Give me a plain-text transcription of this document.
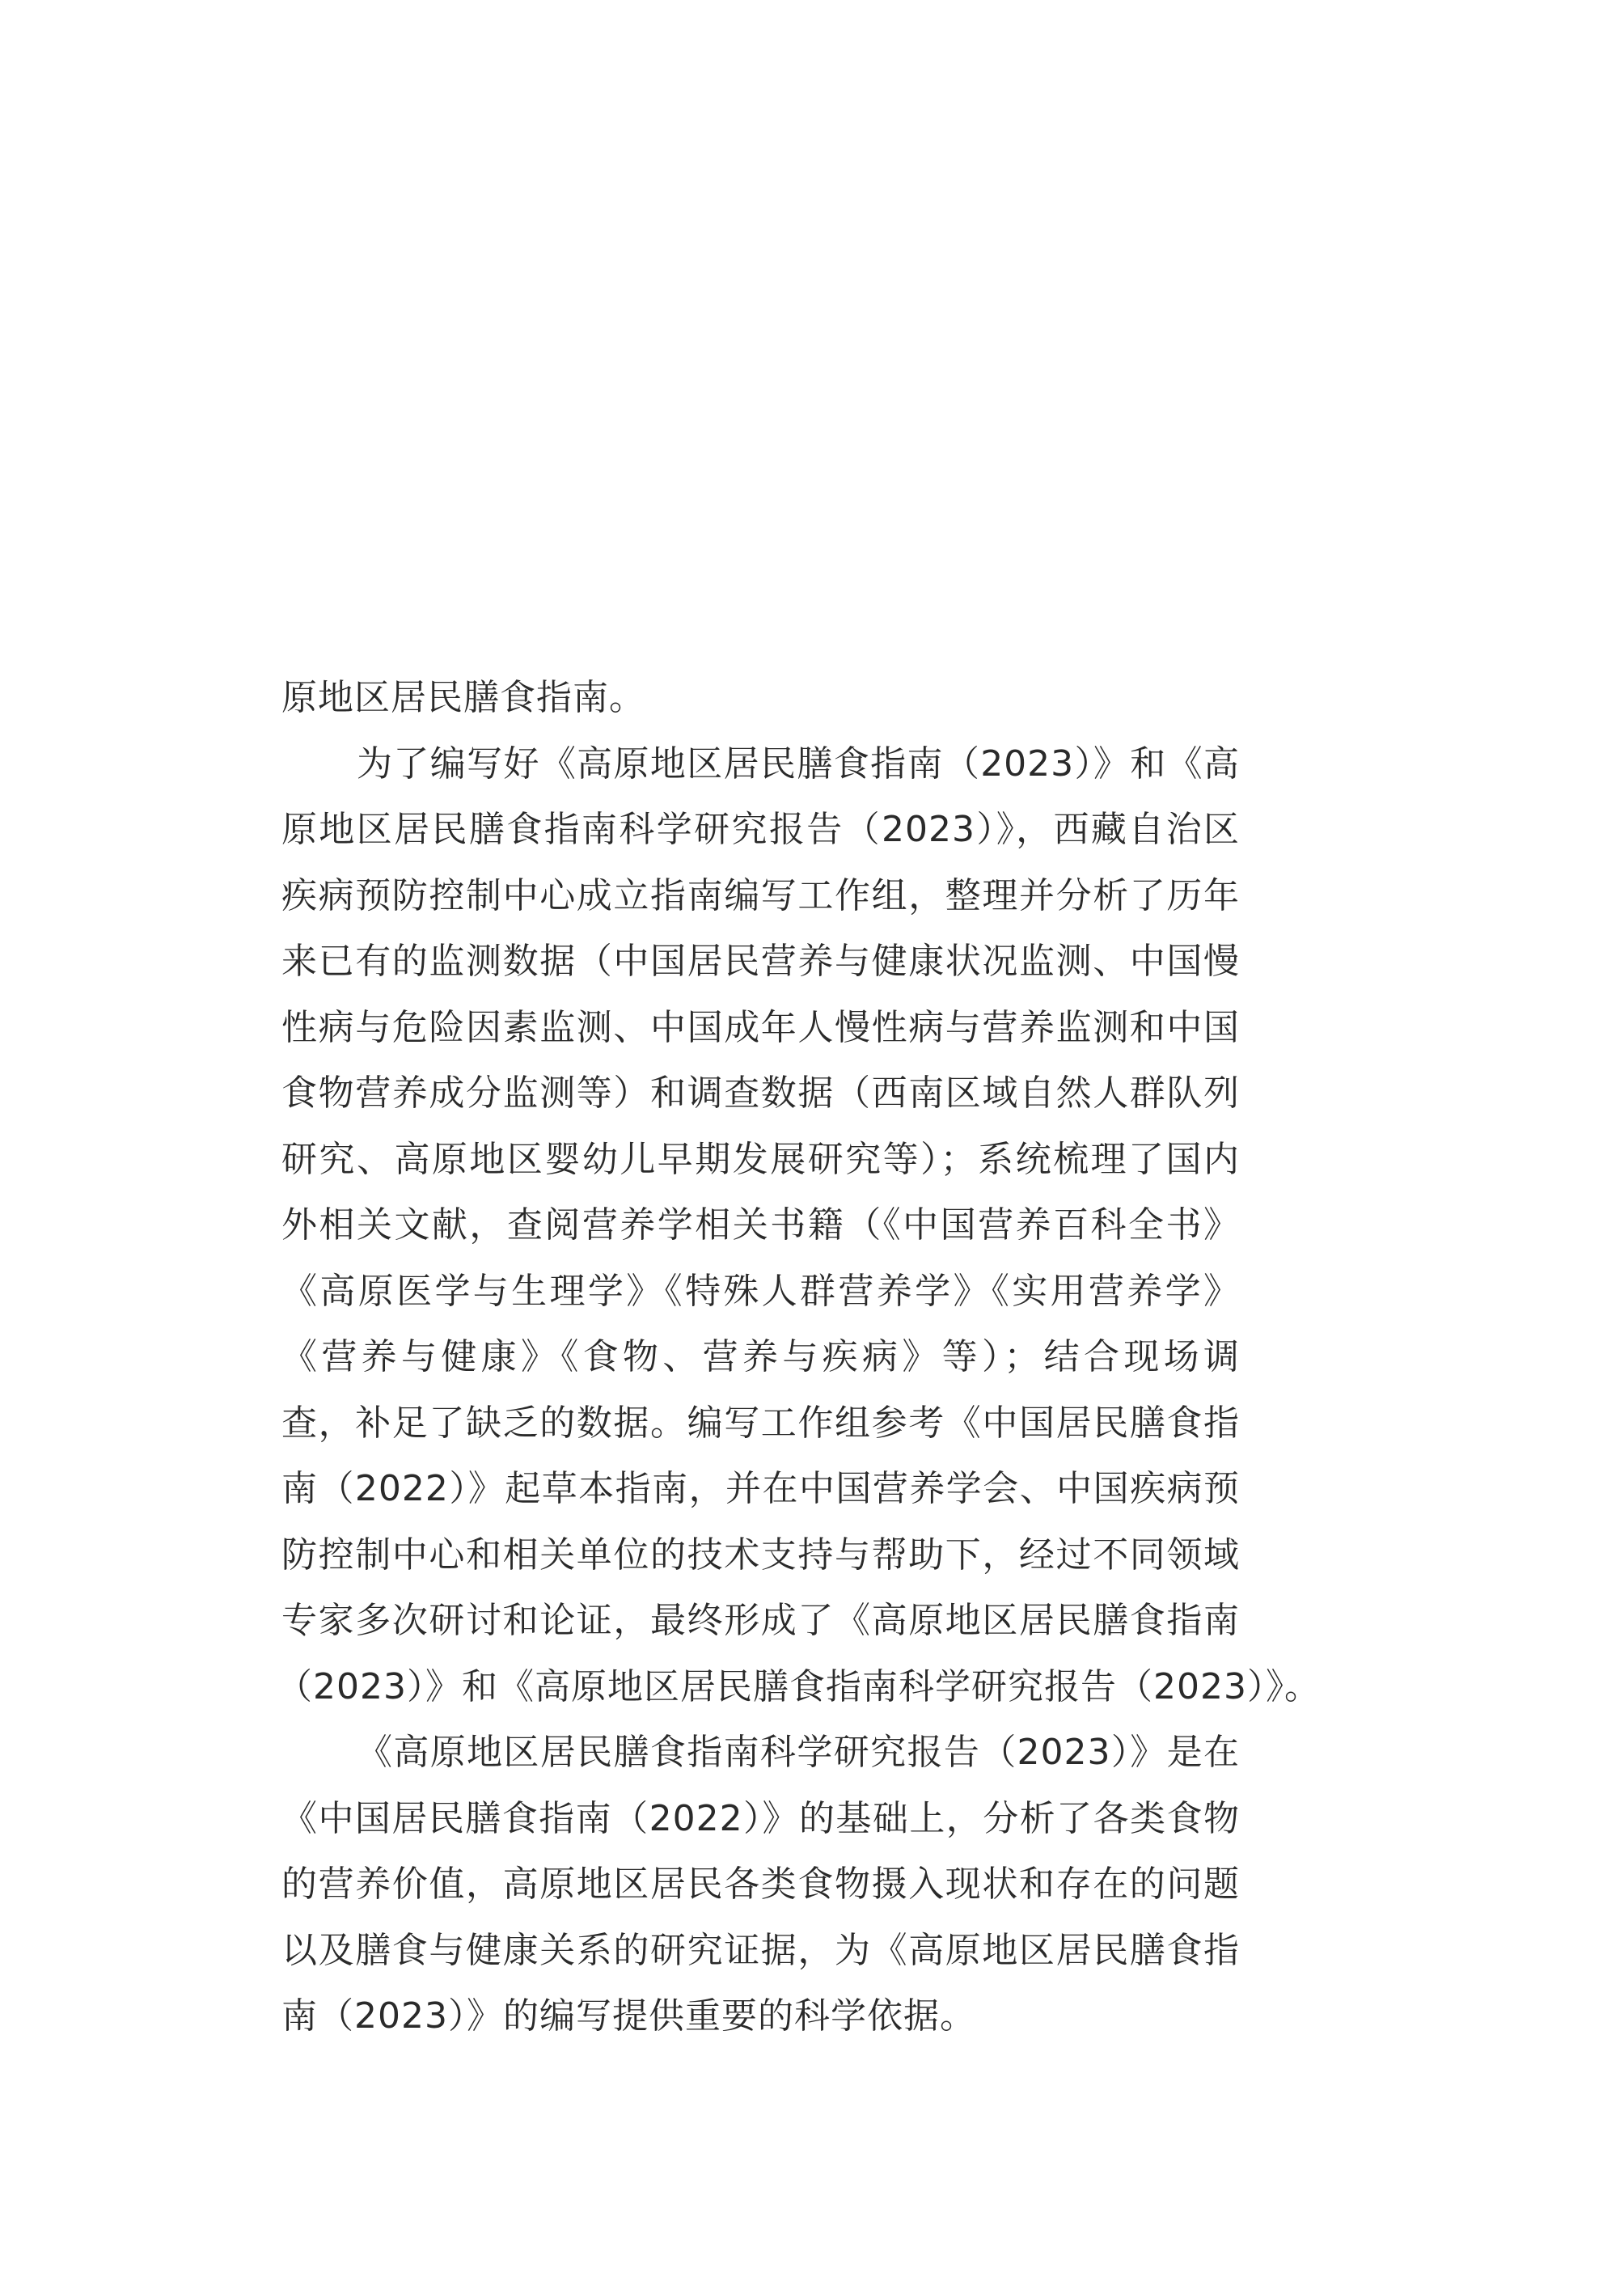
原地区居民膳食指南。
为了编写好《高原地区居民膳食指南（2023）》和《高
原地区居民膳食指南科学研究报告（2023）》，西藏自治区
疾病预防控制中心成立指南编写工作组，整理并分析了历年
来已有的监测数据（中国居民营养与健康状况监测、中国慢
性病与危险因素监测、中国成年人慢性病与营养监测和中国
食物营养成分监测等）和调查数据（西南区域自然人群队列
研究、高原地区婴幼儿早期发展研究等）；系统梳理了国内
外相关文献，查阅营养学相关书籍（《中国营养百科全书》
《高原医学与生理学》《特殊人群营养学》《实用营养学》
《营养与健康》《食物、营养与疾病》等）；结合现场调
查，补足了缺乏的数据。编写工作组参考《中国居民膳食指
南（2022）》起草本指南，并在中国营养学会、中国疾病预
防控制中心和相关单位的技术支持与帮助下，经过不同领域
专家多次研讨和论证，最终形成了《高原地区居民膳食指南
（2023）》和《高原地区居民膳食指南科学研究报告（2023）》。
《高原地区居民膳食指南科学研究报告（2023）》是在
《中国居民膳食指南（2022）》的基础上，分析了各类食物
的营养价值，高原地区居民各类食物摄入现状和存在的问题
以及膳食与健康关系的研究证据，为《高原地区居民膳食指
南（2023）》的编写提供重要的科学依据。
